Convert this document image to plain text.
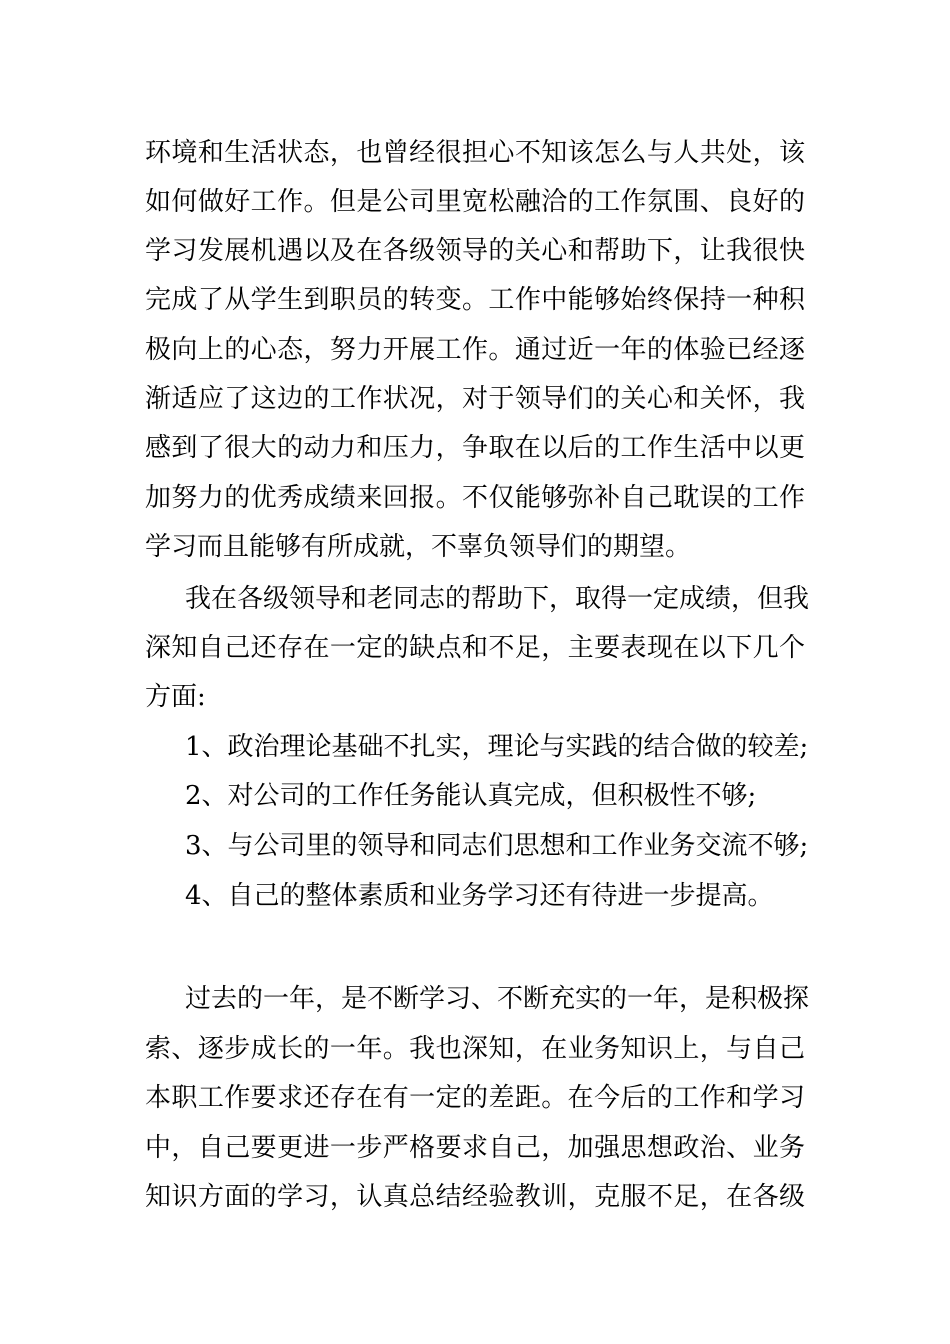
环境和生活状态，也曾经很担心不知该怎么与人共处，该
如何做好工作。但是公司里宽松融洽的工作氛围、良好的
学习发展机遇以及在各级领导的关心和帮助下，让我很快
完成了从学生到职员的转变。工作中能够始终保持一种积
极向上的心态，努力开展工作。通过近一年的体验已经逐
渐适应了这边的工作状况，对于领导们的关心和关怀，我
感到了很大的动力和压力，争取在以后的工作生活中以更
加努力的优秀成绩来回报。不仅能够弥补自己耽误的工作
学习而且能够有所成就，不辜负领导们的期望。
我在各级领导和老同志的帮助下，取得一定成绩，但我
深知自己还存在一定的缺点和不足，主要表现在以下几个
方面:
1、政治理论基础不扎实，理论与实践的结合做的较差;
2、对公司的工作任务能认真完成，但积极性不够;
3、与公司里的领导和同志们思想和工作业务交流不够;
4、自己的整体素质和业务学习还有待进一步提高。
过去的一年，是不断学习、不断充实的一年，是积极探
索、逐步成长的一年。我也深知，在业务知识上，与自己
本职工作要求还存在有一定的差距。在今后的工作和学习
中，自己要更进一步严格要求自己，加强思想政治、业务
知识方面的学习，认真总结经验教训，克服不足，在各级
